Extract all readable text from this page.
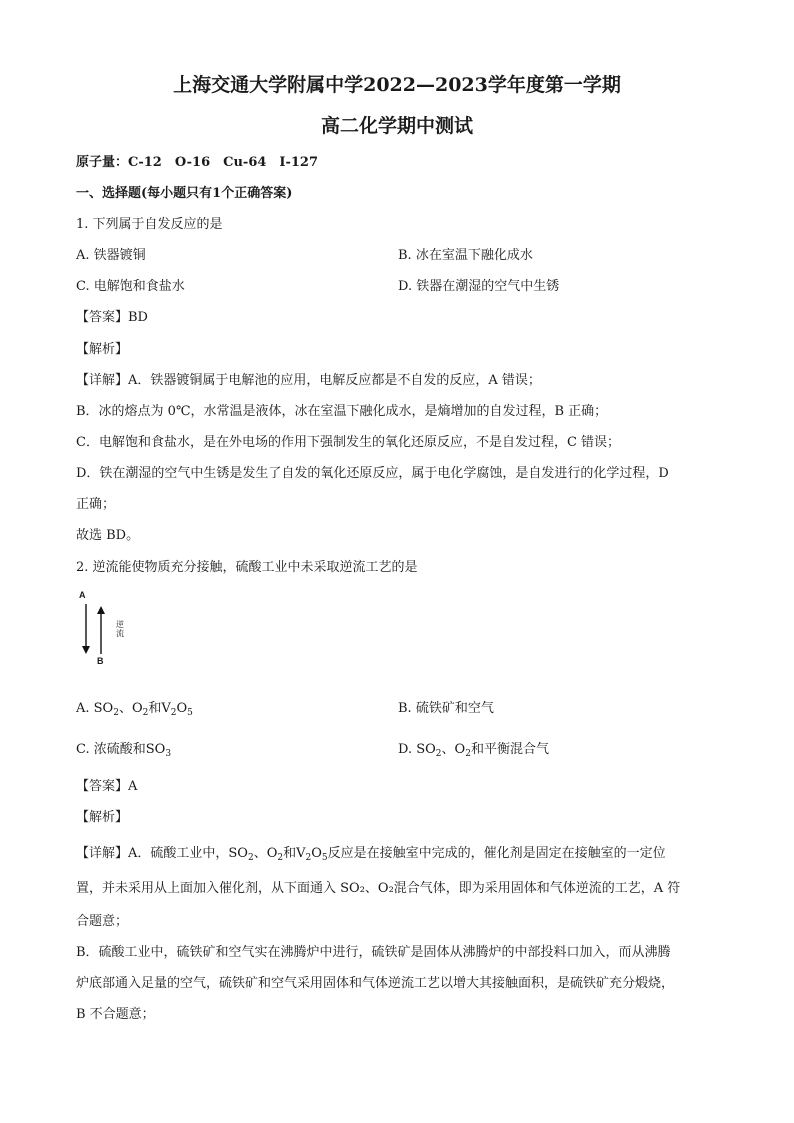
上海交通大学附属中学2022—2023学年度第一学期
高二化学期中测试
原子量：C-12　O-16　Cu-64　I-127
一、选择题(每小题只有1个正确答案)
1. 下列属于自发反应的是
A. 铁器镀铜	B. 冰在室温下融化成水
C. 电解饱和食盐水	D. 铁器在潮湿的空气中生锈
【答案】BD
【解析】
【详解】A．铁器镀铜属于电解池的应用，电解反应都是不自发的反应，A 错误；
B．冰的熔点为 0℃，水常温是液体，冰在室温下融化成水，是熵增加的自发过程，B 正确；
C．电解饱和食盐水，是在外电场的作用下强制发生的氧化还原反应，不是自发过程，C 错误；
D．铁在潮湿的空气中生锈是发生了自发的氧化还原反应，属于电化学腐蚀，是自发进行的化学过程，D
正确；
故选 BD。
2. 逆流能使物质充分接触，硫酸工业中未采取逆流工艺的是
A
B
逆流
A. $SO_2$、$O_2$和$V_2O_5$	B. 硫铁矿和空气
C. 浓硫酸和$SO_3$	D. $SO_2$、$O_2$和平衡混合气
【答案】A
【解析】
【详解】A．硫酸工业中，$SO_2$、$O_2$和$V_2O_5$反应是在接触室中完成的，催化剂是固定在接触室的一定位
置，并未采用从上面加入催化剂，从下面通入 SO₂、O₂混合气体，即为采用固体和气体逆流的工艺，A 符
合题意；
B．硫酸工业中，硫铁矿和空气实在沸腾炉中进行，硫铁矿是固体从沸腾炉的中部投料口加入，而从沸腾
炉底部通入足量的空气，硫铁矿和空气采用固体和气体逆流工艺以增大其接触面积，是硫铁矿充分煅烧，
B 不合题意；
